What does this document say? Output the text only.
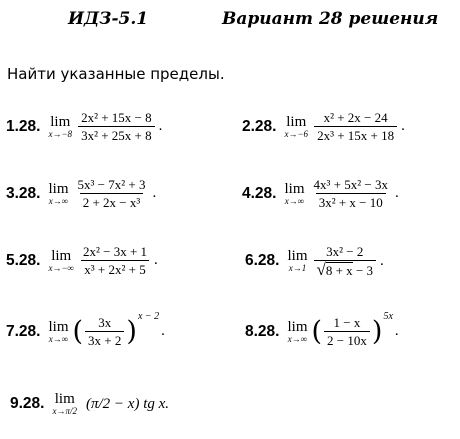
ИДЗ-5.1	Вариант 28 решения
Найти указанные пределы.
1.28. lim
$x\to-8 \frac{\text{2x² + 15x − 8}}{\text{3x² + 25x + 8}}$ .	2.28. lim
$x\to-6 \frac{\text{x² + 2x − 24}}{\text{2x³ + 15x + 18}}$ .
3.28. lim
$x\to\infty \frac{\text{5x³ − 7x² + 3}}{\text{2 + 2x − x³}}$ .	4.28. lim
$x\to\infty \frac{\text{4x³ + 5x² − 3x}}{\text{3x² + x − 10}}$ .
5.28. lim
$x\to-\infty \frac{\text{2x² − 3x + 1}}{\text{x³ + 2x² + 5}}$ .	6.28. lim
$x\to 1 \frac{\text{3x² − 2}}{√8 + x - 3}$ .
7.28. lim
x→∞ ( $\frac{3x}{3x + 2}$ ) x − 2
.	8.28. lim
x→∞ ( $\frac{1 - x}{2 - 10x}$ ) 5x
.
9.28. lim
x→π/2 (π/2 − x) tg x.
